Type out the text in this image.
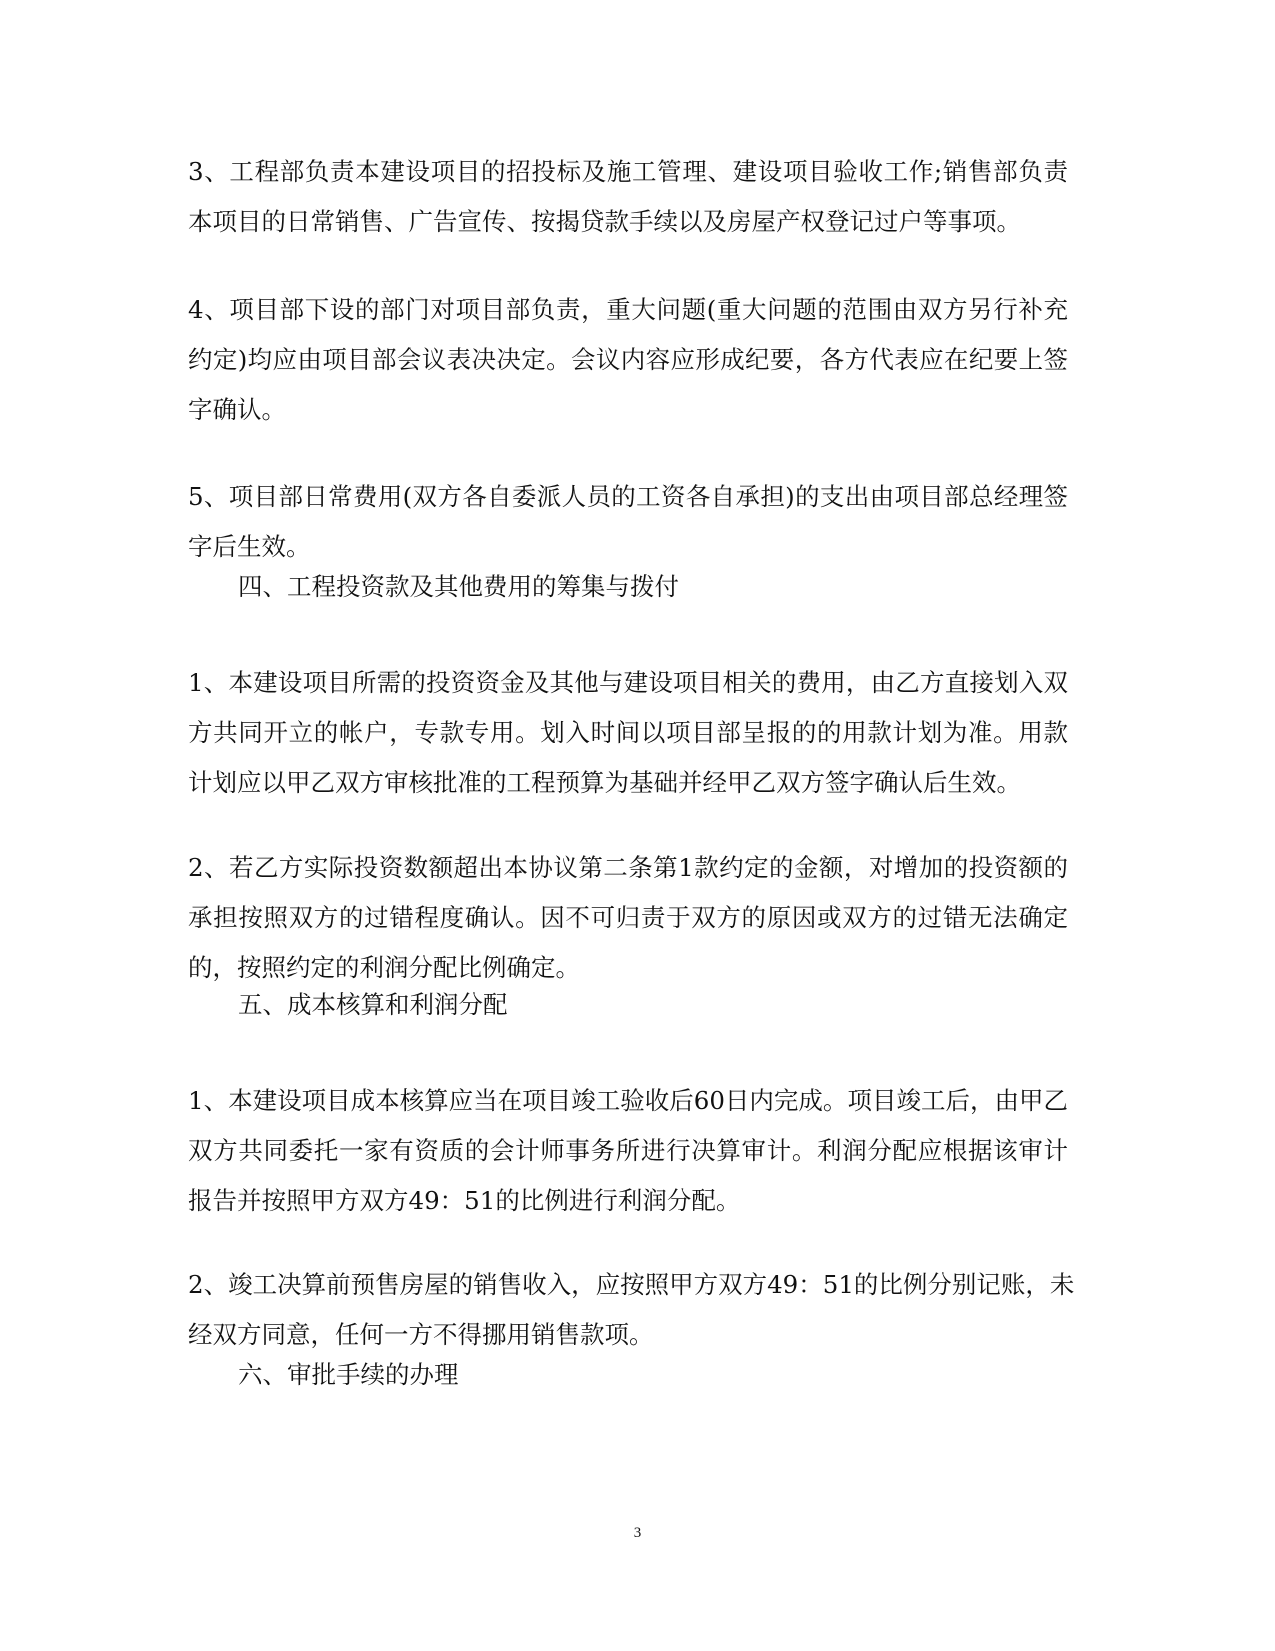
3、工程部负责本建设项目的招投标及施工管理、建设项目验收工作;销售部负责
本项目的日常销售、广告宣传、按揭贷款手续以及房屋产权登记过户等事项。
4、项目部下设的部门对项目部负责，重大问题(重大问题的范围由双方另行补充
约定)均应由项目部会议表决决定。会议内容应形成纪要，各方代表应在纪要上签
字确认。
5、项目部日常费用(双方各自委派人员的工资各自承担)的支出由项目部总经理签
字后生效。
四、工程投资款及其他费用的筹集与拨付
1、本建设项目所需的投资资金及其他与建设项目相关的费用，由乙方直接划入双
方共同开立的帐户，专款专用。划入时间以项目部呈报的的用款计划为准。用款
计划应以甲乙双方审核批准的工程预算为基础并经甲乙双方签字确认后生效。
2、若乙方实际投资数额超出本协议第二条第1款约定的金额，对增加的投资额的
承担按照双方的过错程度确认。因不可归责于双方的原因或双方的过错无法确定
的，按照约定的利润分配比例确定。
五、成本核算和利润分配
1、本建设项目成本核算应当在项目竣工验收后60日内完成。项目竣工后，由甲乙
双方共同委托一家有资质的会计师事务所进行决算审计。利润分配应根据该审计
报告并按照甲方双方49：51的比例进行利润分配。
2、竣工决算前预售房屋的销售收入，应按照甲方双方49：51的比例分别记账，未
经双方同意，任何一方不得挪用销售款项。
六、审批手续的办理
3
